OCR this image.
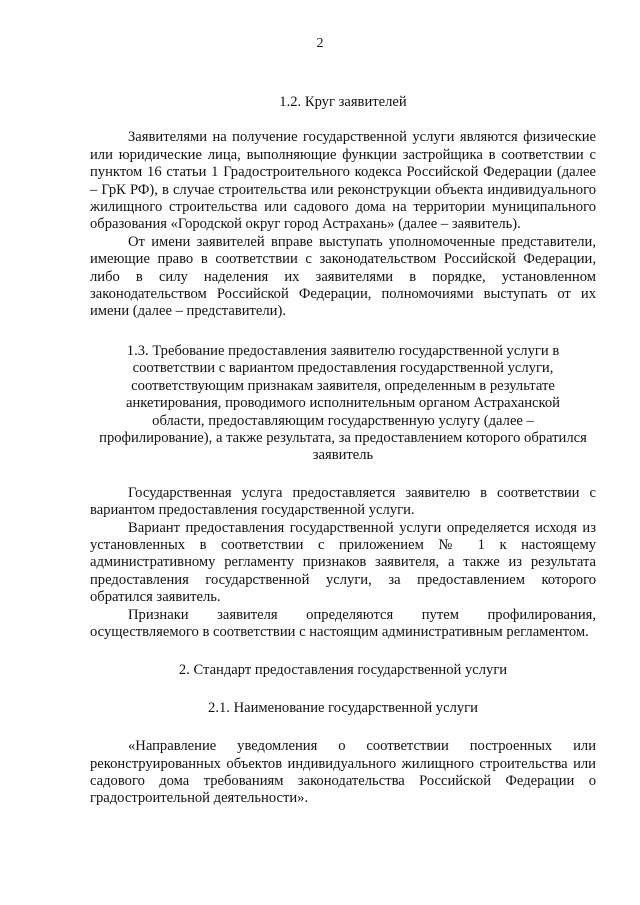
2

1.2. Круг заявителей

Заявителями на получение государственной услуги являются физические или юридические лица, выполняющие функции застройщика в соответствии с пунктом 16 статьи 1 Градостроительного кодекса Российской Федерации (далее – ГрК РФ), в случае строительства или реконструкции объекта индивидуального жилищного строительства или садового дома на территории муниципального образования «Городской округ город Астрахань» (далее – заявитель).

От имени заявителей вправе выступать уполномоченные представители, имеющие право в соответствии с законодательством Российской Федерации, либо в силу наделения их заявителями в порядке, установленном законодательством Российской Федерации, полномочиями выступать от их имени (далее – представители).

1.3. Требование предоставления заявителю государственной услуги в соответствии с вариантом предоставления государственной услуги, соответствующим признакам заявителя, определенным в результате анкетирования, проводимого исполнительным органом Астраханской области, предоставляющим государственную услугу (далее – профилирование), а также результата, за предоставлением которого обратился заявитель

Государственная услуга предоставляется заявителю в соответствии с вариантом предоставления государственной услуги.

Вариант предоставления государственной услуги определяется исходя из установленных в соответствии с приложением № 1 к настоящему административному регламенту признаков заявителя, а также из результата предоставления государственной услуги, за предоставлением которого обратился заявитель.

Признаки заявителя определяются путем профилирования, осуществляемого в соответствии с настоящим административным регламентом.

2. Стандарт предоставления государственной услуги

2.1. Наименование государственной услуги

«Направление уведомления о соответствии построенных или реконструированных объектов индивидуального жилищного строительства или садового дома требованиям законодательства Российской Федерации о градостроительной деятельности».
